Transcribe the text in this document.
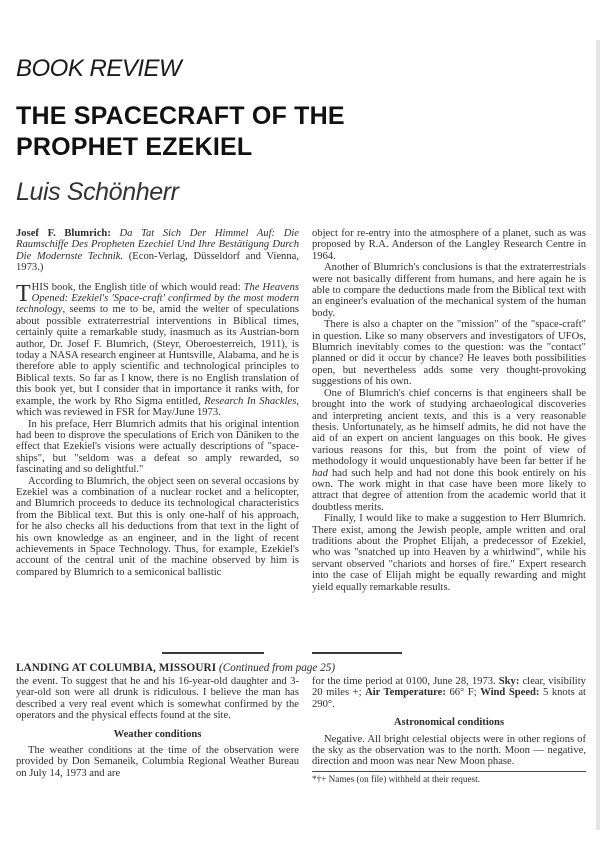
BOOK REVIEW
THE SPACECRAFT OF THE
PROPHET EZEKIEL
Luis Schönherr

Josef F. Blumrich: Da Tat Sich Der Himmel Auf: Die Raumschiffe Des Propheten Ezechiel Und Ihre Bestätigung Durch Die Modernste Technik. (Econ-Verlag, Düsseldorf and Vienna, 1973.)

THIS book, the English title of which would read: The Heavens Opened: Ezekiel's 'Space-craft' confirmed by the most modern technology, seems to me to be, amid the welter of speculations about possible extraterrestrial interventions in Biblical times, certainly quite a remarkable study, inasmuch as its Austrian-born author, Dr. Josef F. Blumrich, (Steyr, Oberoesterreich, 1911), is today a NASA research engineer at Huntsville, Alabama, and he is therefore able to apply scientific and technological principles to Biblical texts. So far as I know, there is no English translation of this book yet, but I consider that in importance it ranks with, for example, the work by Rho Sigma entitled, Research In Shackles, which was reviewed in FSR for May/June 1973.

In his preface, Herr Blumrich admits that his original intention had been to disprove the speculations of Erich von Däniken to the effect that Ezekiel's visions were actually descriptions of "space-ships", but "seldom was a defeat so amply rewarded, so fascinating and so delightful."

According to Blumrich, the object seen on several occasions by Ezekiel was a combination of a nuclear rocket and a helicopter, and Blumrich proceeds to deduce its technological characteristics from the Biblical text. But this is only one-half of his approach, for he also checks all his deductions from that text in the light of his own knowledge as an engineer, and in the light of recent achievements in Space Technology. Thus, for example, Ezekiel's account of the central unit of the machine observed by him is compared by Blumrich to a semiconical ballistic

object for re-entry into the atmosphere of a planet, such as was proposed by R.A. Anderson of the Langley Research Centre in 1964.

Another of Blumrich's conclusions is that the extraterrestrials were not basically different from humans, and here again he is able to compare the deductions made from the Biblical text with an engineer's evaluation of the mechanical system of the human body.

There is also a chapter on the "mission" of the "space-craft" in question. Like so many observers and investigators of UFOs, Blumrich inevitably comes to the question: was the "contact" planned or did it occur by chance? He leaves both possibilities open, but nevertheless adds some very thought-provoking suggestions of his own.

One of Blumrich's chief concerns is that engineers shall be brought into the work of studying archaeological discoveries and interpreting ancient texts, and this is a very reasonable thesis. Unfortunately, as he himself admits, he did not have the aid of an expert on ancient languages on this book. He gives various reasons for this, but from the point of view of methodology it would unquestionably have been far better if he had had such help and had not done this book entirely on his own. The work might in that case have been more likely to attract that degree of attention from the academic world that it doubtless merits.

Finally, I would like to make a suggestion to Herr Blumrich. There exist, among the Jewish people, ample written and oral traditions about the Prophet Elijah, a predecessor of Ezekiel, who was "snatched up into Heaven by a whirlwind", while his servant observed "chariots and horses of fire." Expert research into the case of Elijah might be equally rewarding and might yield equally remarkable results.

LANDING AT COLUMBIA, MISSOURI (Continued from page 25)

the event. To suggest that he and his 16-year-old daughter and 3-year-old son were all drunk is ridiculous. I believe the man has described a very real event which is somewhat confirmed by the operators and the physical effects found at the site.

Weather conditions

The weather conditions at the time of the observation were provided by Don Semaneik, Columbia Regional Weather Bureau on July 14, 1973 and are

for the time period at 0100, June 28, 1973. Sky: clear, visibility 20 miles +; Air Temperature: 66° F; Wind Speed: 5 knots at 290°.

Astronomical conditions

Negative. All bright celestial objects were in other regions of the sky as the observation was to the north. Moon — negative, direction and moon was near New Moon phase.

*†+ Names (on file) withheld at their request.
